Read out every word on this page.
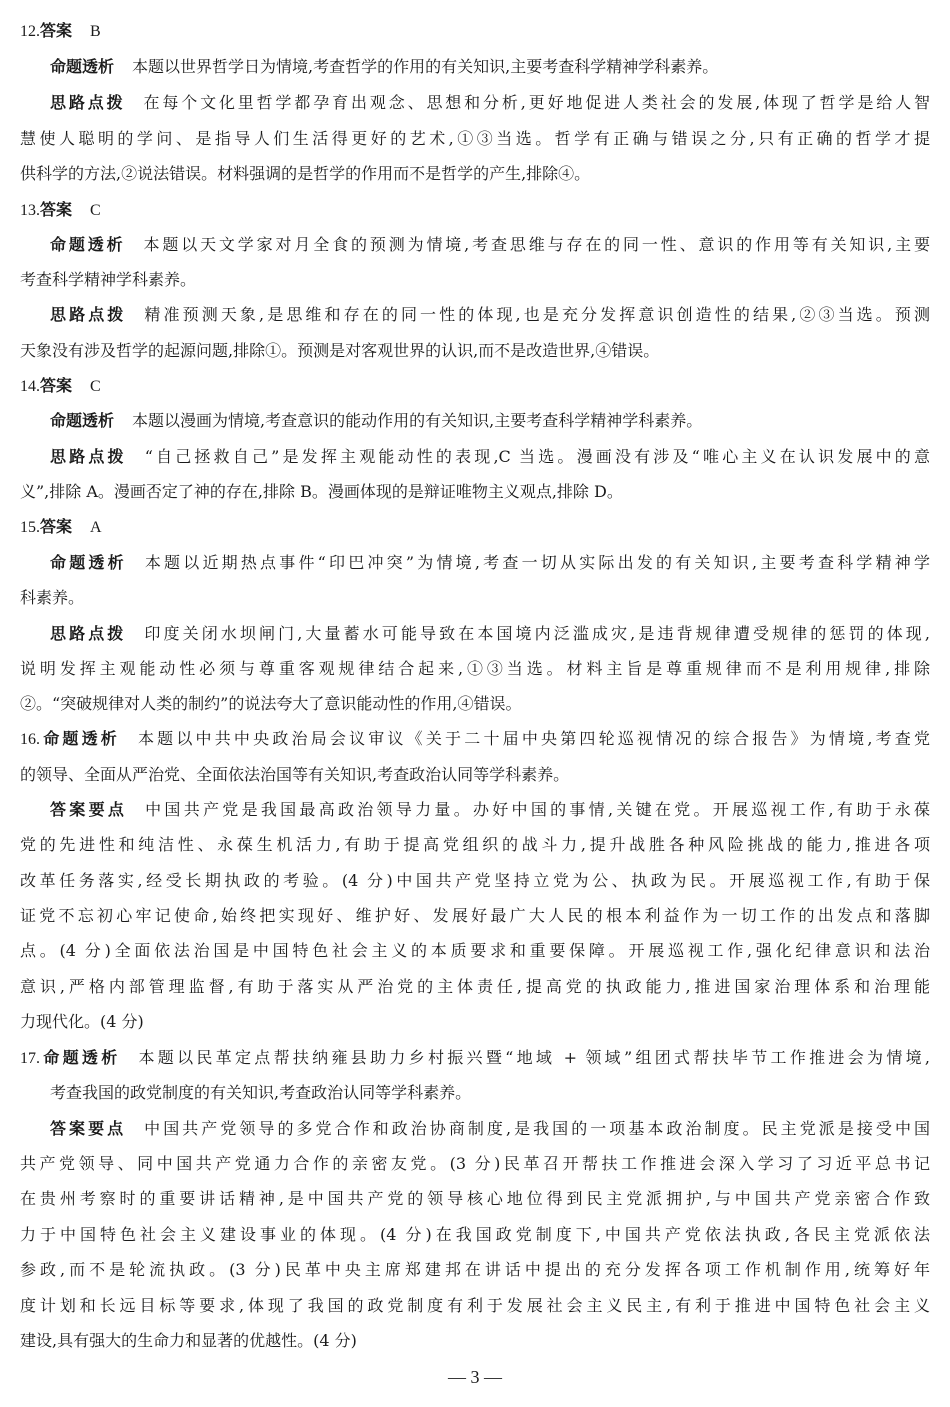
12.答案 B
命题透析 本题以世界哲学日为情境,考查哲学的作用的有关知识,主要考查科学精神学科素养。
思路点拨 在每个文化里哲学都孕育出观念、思想和分析,更好地促进人类社会的发展,体现了哲学是给人智
慧使人聪明的学问、是指导人们生活得更好的艺术,①③当选。哲学有正确与错误之分,只有正确的哲学才提
供科学的方法,②说法错误。材料强调的是哲学的作用而不是哲学的产生,排除④。
13.答案 C
命题透析 本题以天文学家对月全食的预测为情境,考查思维与存在的同一性、意识的作用等有关知识,主要
考查科学精神学科素养。
思路点拨 精准预测天象,是思维和存在的同一性的体现,也是充分发挥意识创造性的结果,②③当选。预测
天象没有涉及哲学的起源问题,排除①。预测是对客观世界的认识,而不是改造世界,④错误。
14.答案 C
命题透析 本题以漫画为情境,考查意识的能动作用的有关知识,主要考查科学精神学科素养。
思路点拨 “自己拯救自己”是发挥主观能动性的表现,C 当选。漫画没有涉及“唯心主义在认识发展中的意
义”,排除 A。漫画否定了神的存在,排除 B。漫画体现的是辩证唯物主义观点,排除 D。
15.答案 A
命题透析 本题以近期热点事件“印巴冲突”为情境,考查一切从实际出发的有关知识,主要考查科学精神学
科素养。
思路点拨 印度关闭水坝闸门,大量蓄水可能导致在本国境内泛滥成灾,是违背规律遭受规律的惩罚的体现,
说明发挥主观能动性必须与尊重客观规律结合起来,①③当选。材料主旨是尊重规律而不是利用规律,排除
②。“突破规律对人类的制约”的说法夸大了意识能动性的作用,④错误。
16.命题透析 本题以中共中央政治局会议审议《关于二十届中央第四轮巡视情况的综合报告》为情境,考查党
的领导、全面从严治党、全面依法治国等有关知识,考查政治认同等学科素养。
答案要点 中国共产党是我国最高政治领导力量。办好中国的事情,关键在党。开展巡视工作,有助于永葆
党的先进性和纯洁性、永葆生机活力,有助于提高党组织的战斗力,提升战胜各种风险挑战的能力,推进各项
改革任务落实,经受长期执政的考验。(4 分)中国共产党坚持立党为公、执政为民。开展巡视工作,有助于保
证党不忘初心牢记使命,始终把实现好、维护好、发展好最广大人民的根本利益作为一切工作的出发点和落脚
点。(4 分)全面依法治国是中国特色社会主义的本质要求和重要保障。开展巡视工作,强化纪律意识和法治
意识,严格内部管理监督,有助于落实从严治党的主体责任,提高党的执政能力,推进国家治理体系和治理能
力现代化。(4 分)
17.命题透析 本题以民革定点帮扶纳雍县助力乡村振兴暨“地域 + 领域”组团式帮扶毕节工作推进会为情境,
考查我国的政党制度的有关知识,考查政治认同等学科素养。
答案要点 中国共产党领导的多党合作和政治协商制度,是我国的一项基本政治制度。民主党派是接受中国
共产党领导、同中国共产党通力合作的亲密友党。(3 分)民革召开帮扶工作推进会深入学习了习近平总书记
在贵州考察时的重要讲话精神,是中国共产党的领导核心地位得到民主党派拥护,与中国共产党亲密合作致
力于中国特色社会主义建设事业的体现。(4 分)在我国政党制度下,中国共产党依法执政,各民主党派依法
参政,而不是轮流执政。(3 分)民革中央主席郑建邦在讲话中提出的充分发挥各项工作机制作用,统筹好年
度计划和长远目标等要求,体现了我国的政党制度有利于发展社会主义民主,有利于推进中国特色社会主义
建设,具有强大的生命力和显著的优越性。(4 分)
— 3 —
